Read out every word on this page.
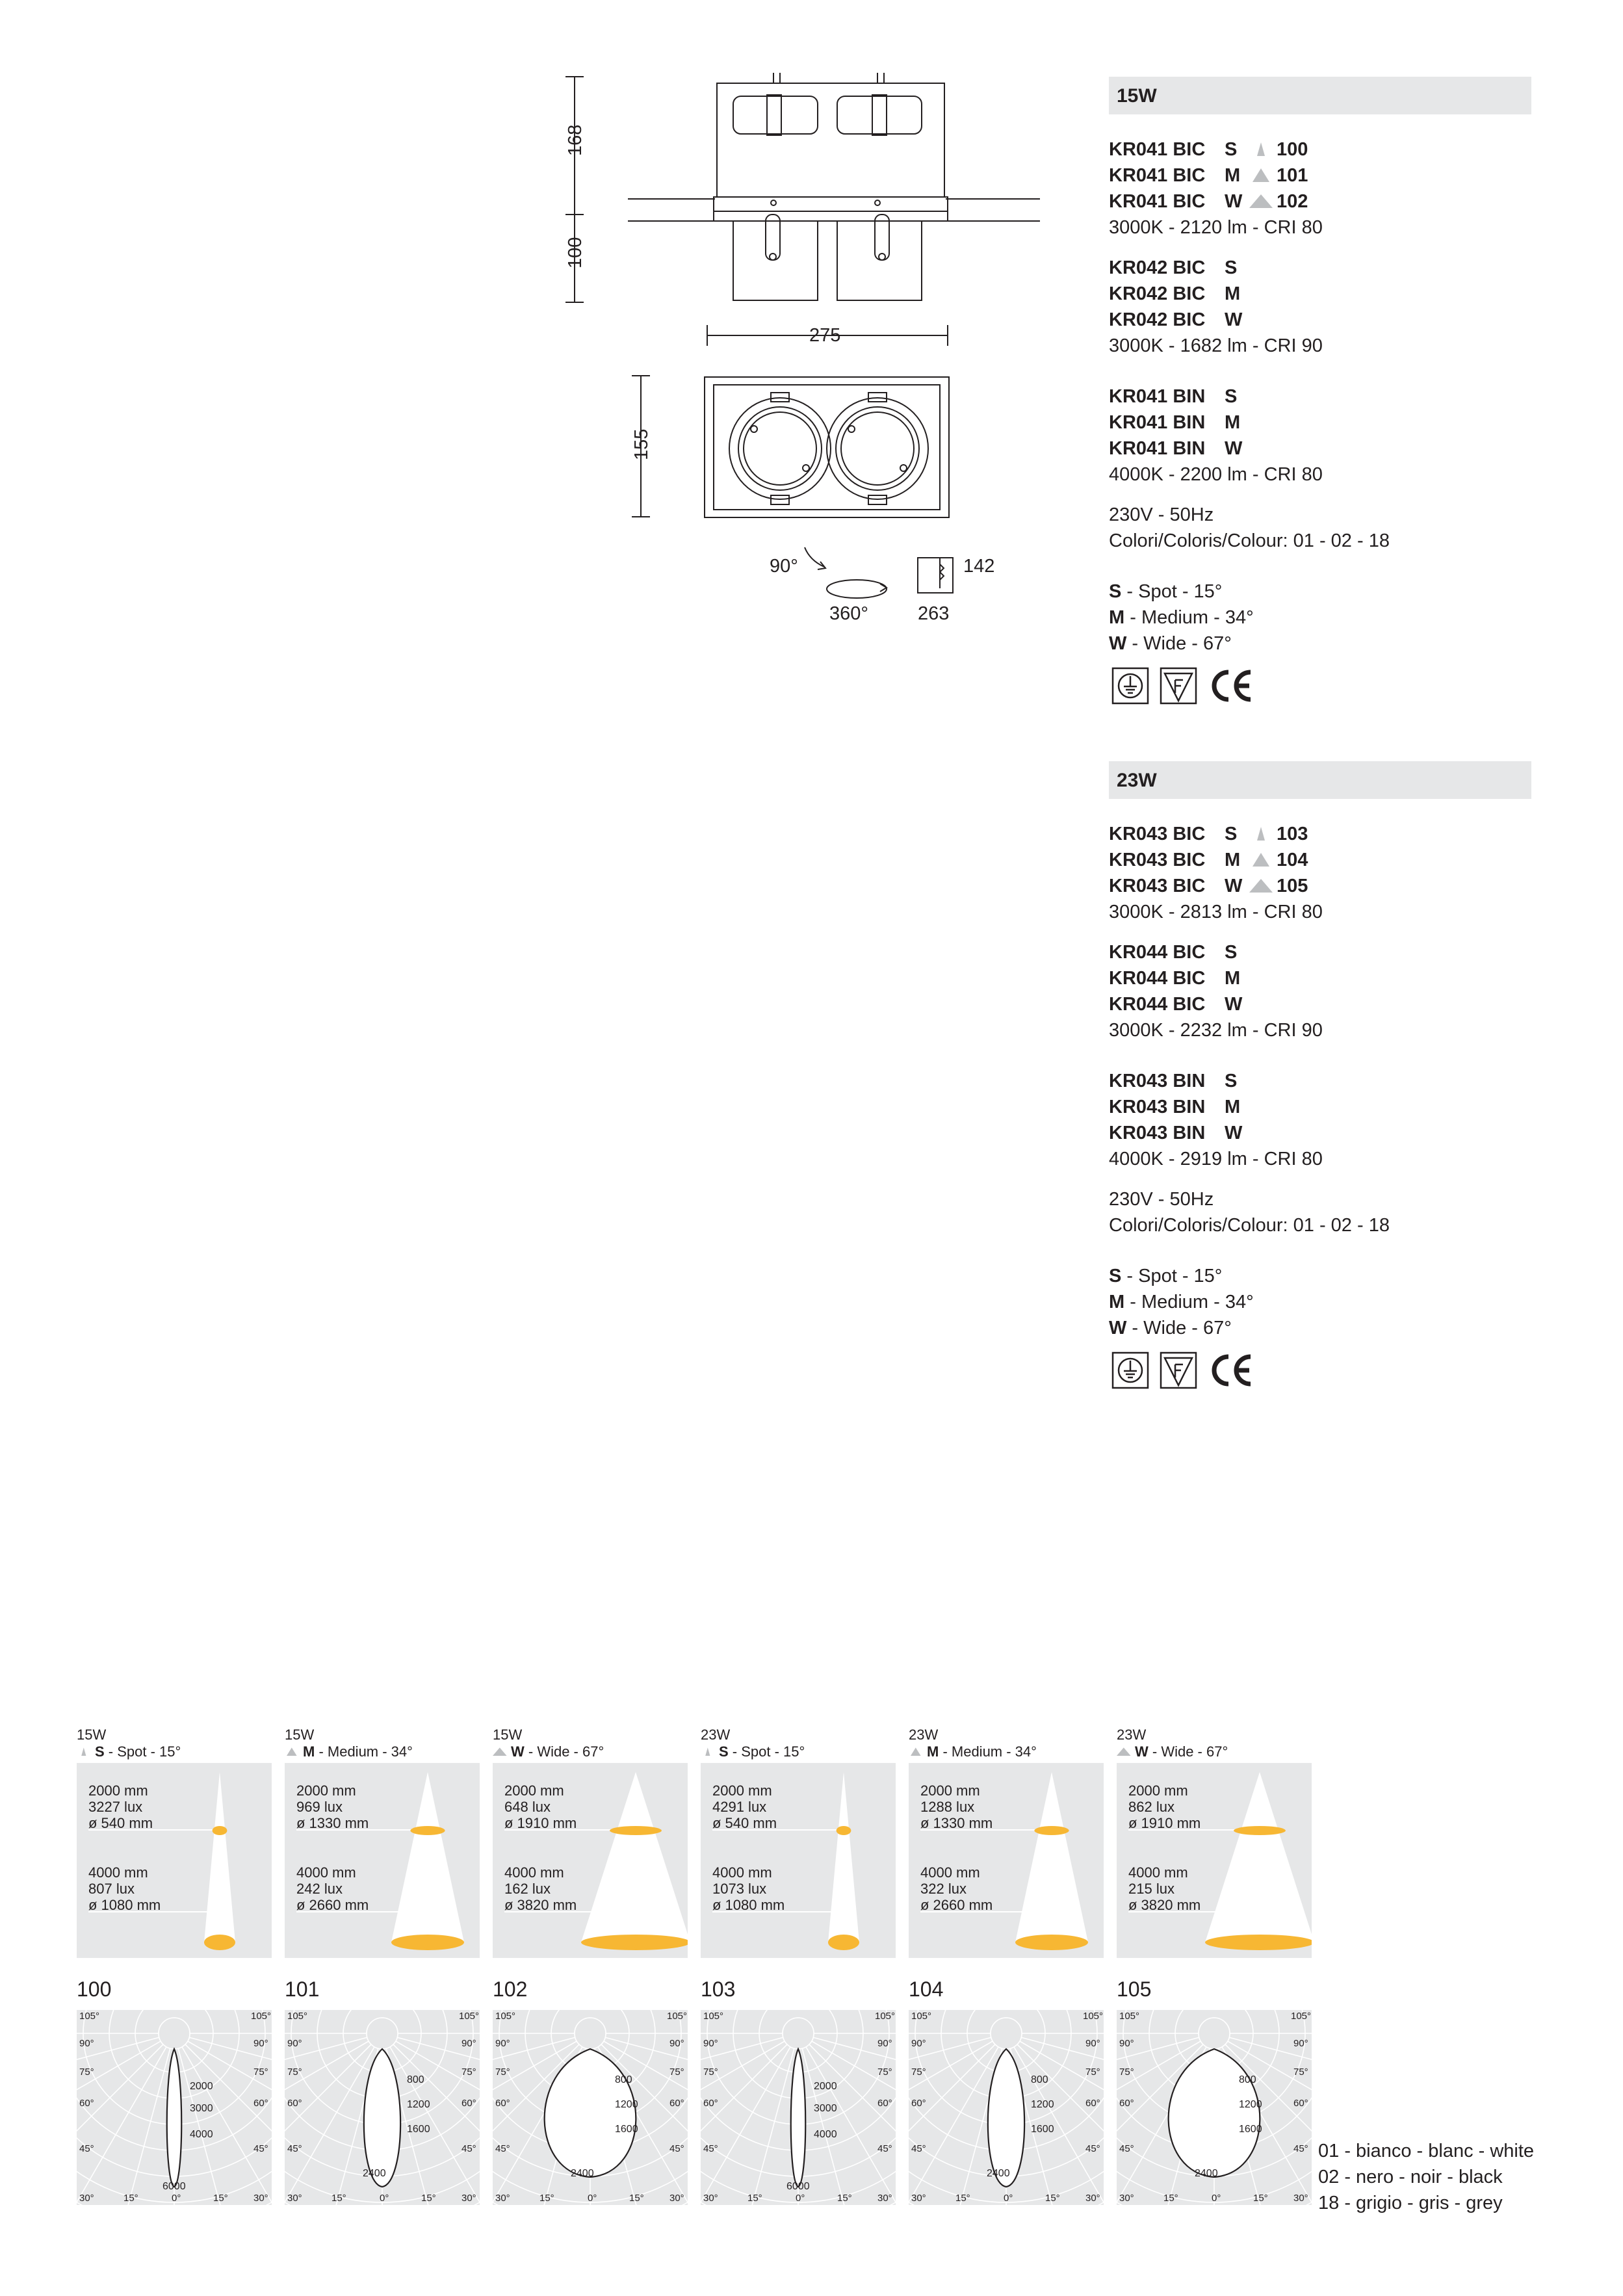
168
100
275
155
90°
360°
142
263
15W
KR041 BIC S 100
KR041 BIC M 101
KR041 BIC W 102
3000K - 2120 lm - CRI 80
KR042 BIC S
KR042 BIC M
KR042 BIC W
3000K - 1682 lm - CRI 90
KR041 BIN S
KR041 BIN M
KR041 BIN W
4000K - 2200 lm - CRI 80
230V - 50Hz
Colori/Coloris/Colour: 01 - 02 - 18
S - Spot - 15°
M - Medium - 34°
W - Wide - 67°
23W
KR043 BIC S 103
KR043 BIC M 104
KR043 BIC W 105
3000K - 2813 lm - CRI 80
KR044 BIC S
KR044 BIC M
KR044 BIC W
3000K - 2232 lm - CRI 90
KR043 BIN S
KR043 BIN M
KR043 BIN W
4000K - 2919 lm - CRI 80
230V - 50Hz
Colori/Coloris/Colour: 01 - 02 - 18
S - Spot - 15°
M - Medium - 34°
W - Wide - 67°
15W
S - Spot - 15°
2000 mm
3227 lux
ø 540 mm
4000 mm
807 lux
ø 1080 mm
100
105°	105°
90°	90°
75°	75°
60°	60°
45°	45°
30°	30°
15°	15°
0°
2000
3000
4000
6000
15W
M - Medium - 34°
2000 mm
969 lux
ø 1330 mm
4000 mm
242 lux
ø 2660 mm
101
105°	105°
90°	90°
75°	75°
60°	60°
45°	45°
30°	30°
15°	15°
0°
800
1200
1600
2400
15W
W - Wide - 67°
2000 mm
648 lux
ø 1910 mm
4000 mm
162 lux
ø 3820 mm
102
105°	105°
90°	90°
75°	75°
60°	60°
45°	45°
30°	30°
15°	15°
0°
800
1200
1600
2400
23W
S - Spot - 15°
2000 mm
4291 lux
ø 540 mm
4000 mm
1073 lux
ø 1080 mm
103
105°	105°
90°	90°
75°	75°
60°	60°
45°	45°
30°	30°
15°	15°
0°
2000
3000
4000
6000
23W
M - Medium - 34°
2000 mm
1288 lux
ø 1330 mm
4000 mm
322 lux
ø 2660 mm
104
105°	105°
90°	90°
75°	75°
60°	60°
45°	45°
30°	30°
15°	15°
0°
800
1200
1600
2400
23W
W - Wide - 67°
2000 mm
862 lux
ø 1910 mm
4000 mm
215 lux
ø 3820 mm
105
105°	105°
90°	90°
75°	75°
60°	60°
45°	45°
30°	30°
15°	15°
0°
800
1200
1600
2400
01 - bianco - blanc - white
02 - nero - noir - black
18 - grigio - gris - grey
